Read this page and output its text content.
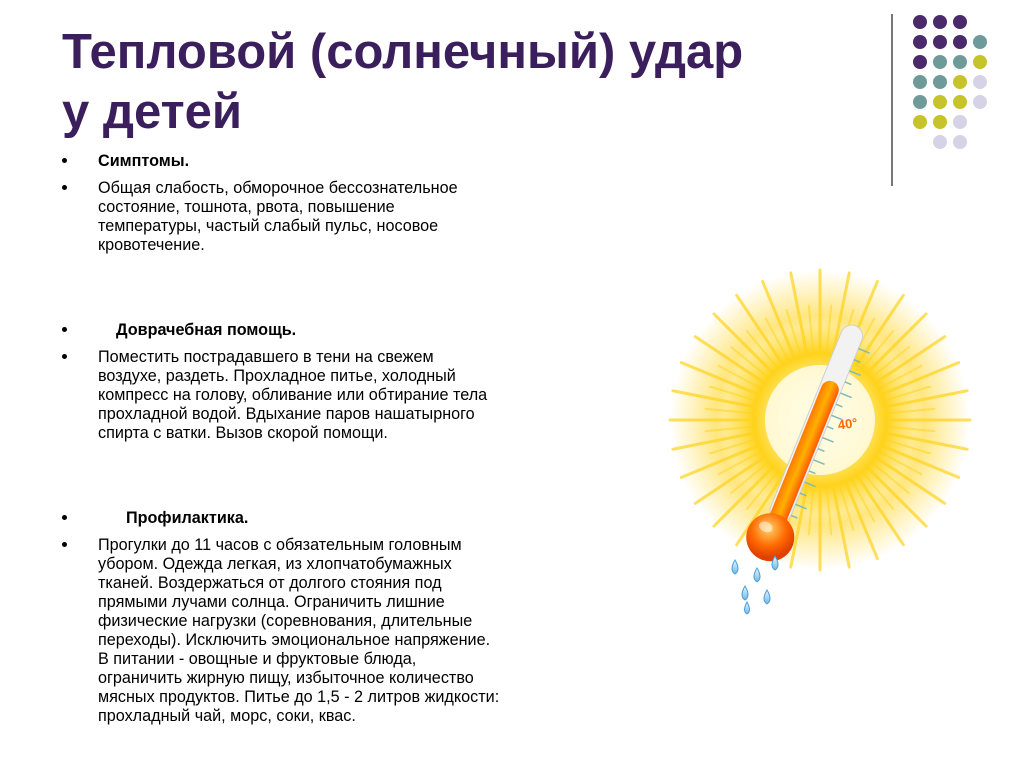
Тепловой (солнечный) удар
у детей

Симптомы.

Общая слабость, обморочное бессознательное
состояние, тошнота, рвота, повышение
температуры, частый слабый пульс, носовое
кровотечение.

Доврачебная помощь.

Поместить пострадавшего в тени на свежем
воздухе, раздеть. Прохладное питье, холодный
компресс на голову, обливание или обтирание тела
прохладной водой. Вдыхание паров нашатырного
спирта с ватки. Вызов скорой помощи.

Профилактика.

Прогулки до 11 часов с обязательным головным
убором. Одежда легкая, из хлопчатобумажных
тканей. Воздержаться от долгого стояния под
прямыми лучами солнца. Ограничить лишние
физические нагрузки (соревнования, длительные
переходы). Исключить эмоциональное напряжение.
В питании - овощные и фруктовые блюда,
ограничить жирную пищу, избыточное количество
мясных продуктов. Питье до 1,5 - 2 литров жидкости:
прохладный чай, морс, соки, квас.

40°
